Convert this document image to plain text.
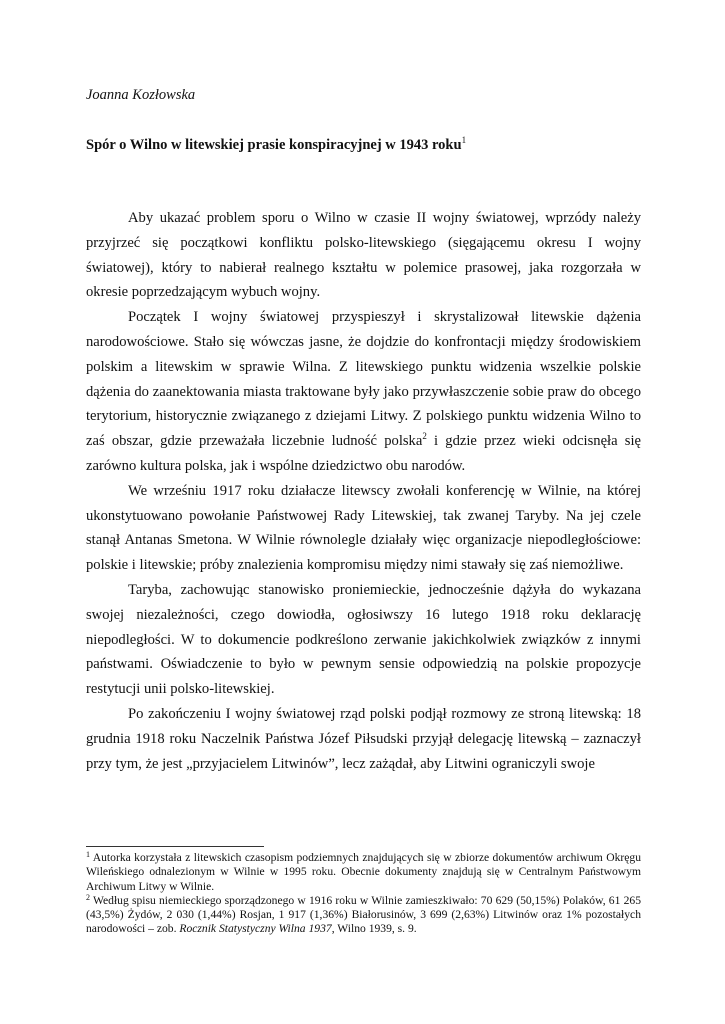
Joanna Kozłowska
Spór o Wilno w litewskiej prasie konspiracyjnej w 1943 roku$^1$

Aby ukazać problem sporu o Wilno w czasie II wojny światowej, wprzódy należy przyjrzeć się początkowi konfliktu polsko-litewskiego (sięgającemu okresu I wojny światowej), który to nabierał realnego kształtu w polemice prasowej, jaka rozgorzała w okresie poprzedzającym wybuch wojny.

Początek I wojny światowej przyspieszył i skrystalizował litewskie dążenia narodowościowe. Stało się wówczas jasne, że dojdzie do konfrontacji między środowiskiem polskim a litewskim w sprawie Wilna. Z litewskiego punktu widzenia wszelkie polskie dążenia do zaanektowania miasta traktowane były jako przywłaszczenie sobie praw do obcego terytorium, historycznie związanego z dziejami Litwy. Z polskiego punktu widzenia Wilno to zaś obszar, gdzie przeważała liczebnie ludność polska$^2$ i gdzie przez wieki odcisnęła się zarówno kultura polska, jak i wspólne dziedzictwo obu narodów.

We wrześniu 1917 roku działacze litewscy zwołali konferencję w Wilnie, na której ukonstytuowano powołanie Państwowej Rady Litewskiej, tak zwanej Taryby. Na jej czele stanął Antanas Smetona. W Wilnie równolegle działały więc organizacje niepodległościowe: polskie i litewskie; próby znalezienia kompromisu między nimi stawały się zaś niemożliwe.

Taryba, zachowując stanowisko proniemieckie, jednocześnie dążyła do wykazana swojej niezależności, czego dowiodła, ogłosiwszy 16 lutego 1918 roku deklarację niepodległości. W to dokumencie podkreślono zerwanie jakichkolwiek związków z innymi państwami. Oświadczenie to było w pewnym sensie odpowiedzią na polskie propozycje restytucji unii polsko-litewskiej.

Po zakończeniu I wojny światowej rząd polski podjął rozmowy ze stroną litewską: 18 grudnia 1918 roku Naczelnik Państwa Józef Piłsudski przyjął delegację litewską – zaznaczył przy tym, że jest „przyjacielem Litwinów”, lecz zażądał, aby Litwini ograniczyli swoje

$^1$ Autorka korzystała z litewskich czasopism podziemnych znajdujących się w zbiorze dokumentów archiwum Okręgu Wileńskiego odnalezionym w Wilnie w 1995 roku. Obecnie dokumenty znajdują się w Centralnym Państwowym Archiwum Litwy w Wilnie.

$^2$ Według spisu niemieckiego sporządzonego w 1916 roku w Wilnie zamieszkiwało: 70 629 (50,15%) Polaków, 61 265 (43,5%) Żydów, 2 030 (1,44%) Rosjan, 1 917 (1,36%) Białorusinów, 3 699 (2,63%) Litwinów oraz 1% pozostałych narodowości – zob. Rocznik Statystyczny Wilna 1937, Wilno 1939, s. 9.
